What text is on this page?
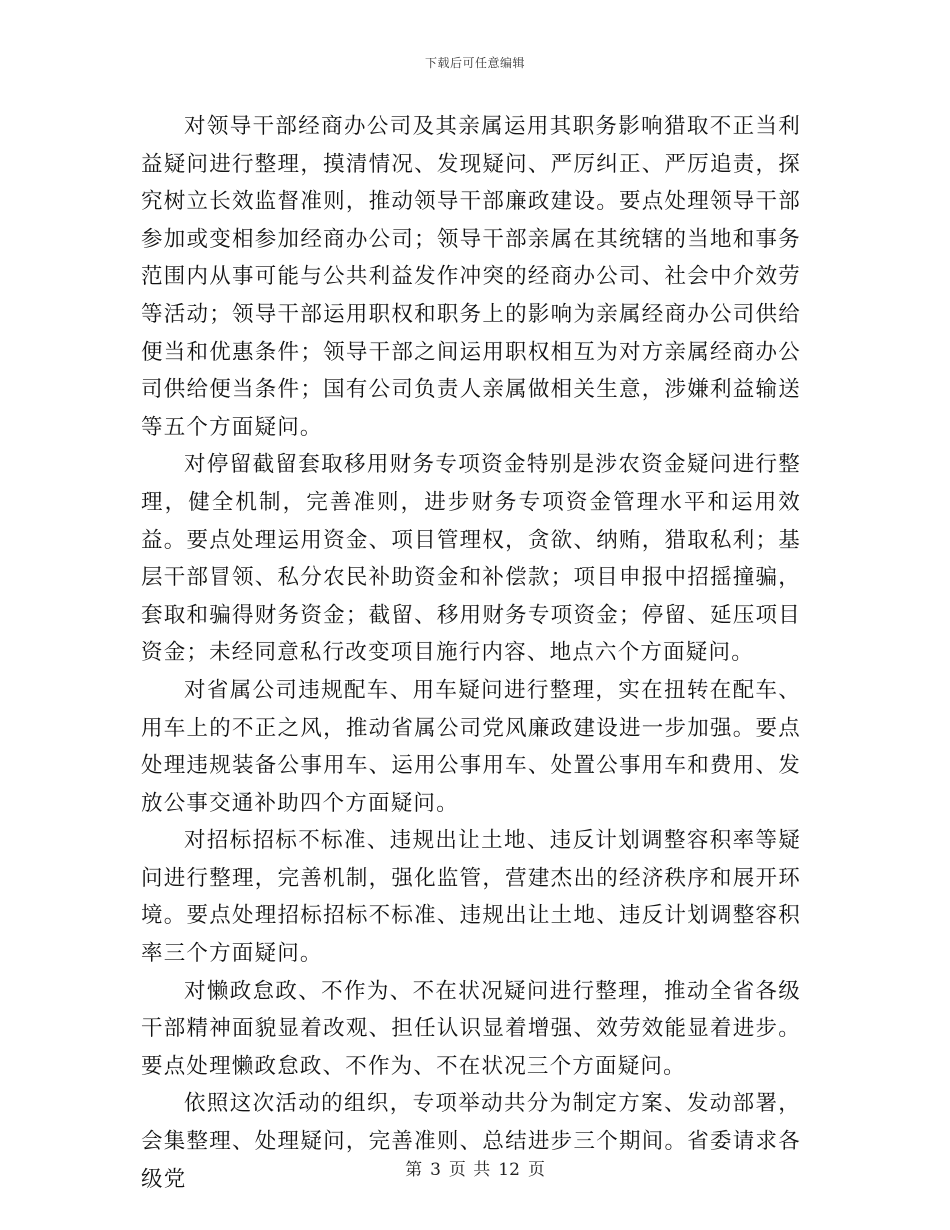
下载后可任意编辑

对领导干部经商办公司及其亲属运用其职务影响猎取不正当利益疑问进行整理，摸清情况、发现疑问、严厉纠正、严厉追责，探究树立长效监督准则，推动领导干部廉政建设。要点处理领导干部参加或变相参加经商办公司；领导干部亲属在其统辖的当地和事务范围内从事可能与公共利益发作冲突的经商办公司、社会中介效劳等活动；领导干部运用职权和职务上的影响为亲属经商办公司供给便当和优惠条件；领导干部之间运用职权相互为对方亲属经商办公司供给便当条件；国有公司负责人亲属做相关生意，涉嫌利益输送等五个方面疑问。

对停留截留套取移用财务专项资金特别是涉农资金疑问进行整理，健全机制，完善准则，进步财务专项资金管理水平和运用效益。要点处理运用资金、项目管理权，贪欲、纳贿，猎取私利；基层干部冒领、私分农民补助资金和补偿款；项目申报中招摇撞骗，套取和骗得财务资金；截留、移用财务专项资金；停留、延压项目资金；未经同意私行改变项目施行内容、地点六个方面疑问。

对省属公司违规配车、用车疑问进行整理，实在扭转在配车、用车上的不正之风，推动省属公司党风廉政建设进一步加强。要点处理违规装备公事用车、运用公事用车、处置公事用车和费用、发放公事交通补助四个方面疑问。

对招标招标不标准、违规出让土地、违反计划调整容积率等疑问进行整理，完善机制，强化监管，营建杰出的经济秩序和展开环境。要点处理招标招标不标准、违规出让土地、违反计划调整容积率三个方面疑问。

对懒政怠政、不作为、不在状况疑问进行整理，推动全省各级干部精神面貌显着改观、担任认识显着增强、效劳效能显着进步。要点处理懒政怠政、不作为、不在状况三个方面疑问。

依照这次活动的组织，专项举动共分为制定方案、发动部署，会集整理、处理疑问，完善准则、总结进步三个期间。省委请求各级党	第 3 页 共 12 页
